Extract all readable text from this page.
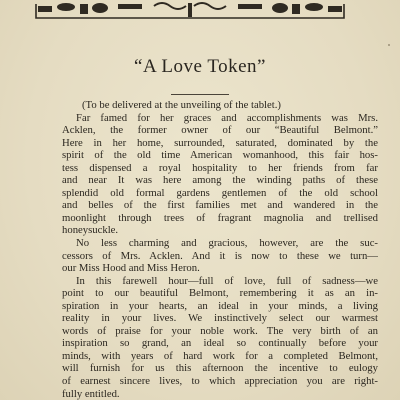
“A Love Token”
(To be delivered at the unveiling of the tablet.)

Far famed for her graces and accomplishments was Mrs.
Acklen, the former owner of our “Beautiful Belmont.”
Here in her home, surrounded, saturated, dominated by the
spirit of the old time American womanhood, this fair hos-
tess dispensed a royal hospitality to her friends from far
and near It was here among the winding paths of these
splendid old formal gardens gentlemen of the old school
and belles of the first families met and wandered in the
moonlight through trees of fragrant magnolia and trellised
honeysuckle.

No less charming and gracious, however, are the suc-
cessors of Mrs. Acklen. And it is now to these we turn—
our Miss Hood and Miss Heron.

In this farewell hour—full of love, full of sadness—we
point to our beautiful Belmont, remembering it as an in-
spiration in your hearts, an ideal in your minds, a living
reality in your lives. We instinctively select our warmest
words of praise for your noble work. The very birth of an
inspiration so grand, an ideal so continually before your
minds, with years of hard work for a completed Belmont,
will furnish for us this afternoon the incentive to eulogy
of earnest sincere lives, to which appreciation you are right-
fully entitled.
